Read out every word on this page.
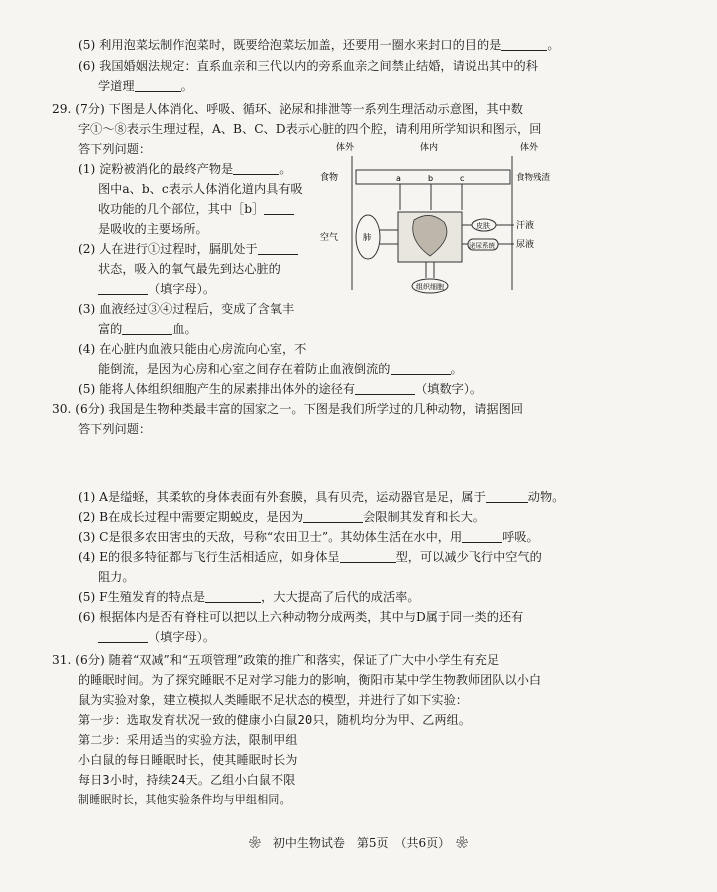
(5) 利用泡菜坛制作泡菜时，既要给泡菜坛加盖，还要用一圈水来封口的目的是	。
(6) 我国婚姻法规定：直系血亲和三代以内的旁系血亲之间禁止结婚，请说出其中的科
学道理	。
29. (7分) 下图是人体消化、呼吸、循环、泌尿和排泄等一系列生理活动示意图，其中数
字①～⑧表示生理过程，A、B、C、D表示心脏的四个腔，请利用所学知识和图示，回
答下列问题：
(1) 淀粉被消化的最终产物是	。
图中a、b、c表示人体消化道内具有吸
收功能的几个部位，其中［b］
是吸收的主要场所。
(2) 人在进行①过程时，膈肌处于
状态，吸入的氧气最先到达心脏的
（填字母）。
(3) 血液经过③④过程后，变成了含氧丰
富的	血。
(4) 在心脏内血液只能由心房流向心室，不
能倒流，是因为心房和心室之间存在着防止血液倒流的	。
体外	体内	体外
食物	食物残渣
a	b	c
空气	肺
皮肤
泌尿系统
汗液
尿液
组织细胞
(5) 能将人体组织细胞产生的尿素排出体外的途径有	（填数字）。
30. (6分) 我国是生物种类最丰富的国家之一。下图是我们所学过的几种动物，请据图回
答下列问题：
(1) A是缢蛏，其柔软的身体表面有外套膜，具有贝壳，运动器官是足，属于	动物。
(2) B在成长过程中需要定期蜕皮，是因为	会限制其发育和长大。
(3) C是很多农田害虫的天敌，号称“农田卫士”。其幼体生活在水中，用	呼吸。
(4) E的很多特征都与飞行生活相适应，如身体呈	型，可以减少飞行中空气的
阻力。
(5) F生殖发育的特点是	，大大提高了后代的成活率。
(6) 根据体内是否有脊柱可以把以上六种动物分成两类，其中与D属于同一类的还有
（填字母）。
31. (6分) 随着“双减”和“五项管理”政策的推广和落实，保证了广大中小学生有充足
的睡眠时间。为了探究睡眠不足对学习能力的影响，衡阳市某中学生物教师团队以小白
鼠为实验对象，建立模拟人类睡眠不足状态的模型，并进行了如下实验：
第一步：选取发育状况一致的健康小白鼠20只，随机均分为甲、乙两组。
第二步：采用适当的实验方法，限制甲组
小白鼠的每日睡眠时长，使其睡眠时长为
每日3小时，持续24天。乙组小白鼠不限
制睡眠时长，其他实验条件均与甲组相同。
❀　初中生物试卷　第5页　（共6页）　❀
